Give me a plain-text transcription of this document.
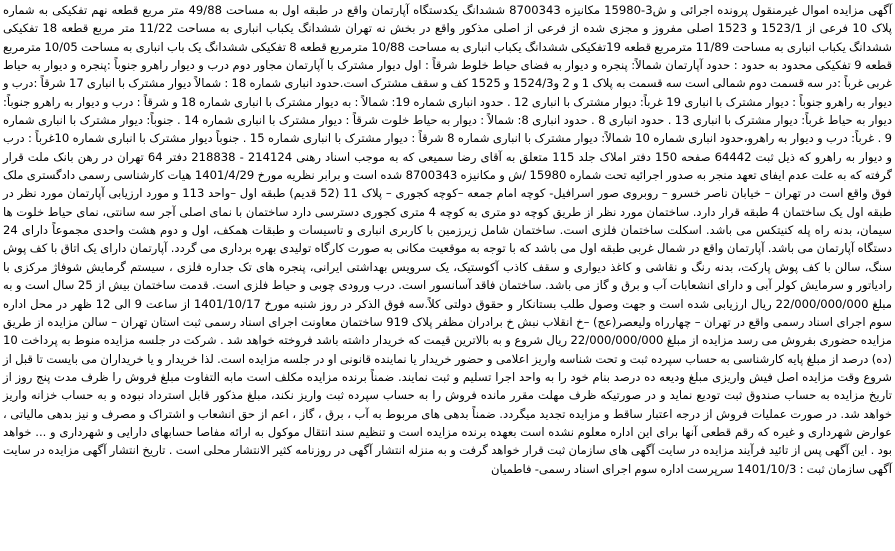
آگهی مزایده اموال غیرمنقول پرونده اجرائی و ش3-15980 مکانیزه 8700343 ششدانگ یکدستگاه آپارتمان واقع در طبقه اول به مساحت 49/88 متر مربع قطعه نهم تفکیکی به شماره پلاک 10 فرعی از 1523/1 و 1523 اصلی مفروز و مجزی شده از فرعی از اصلی مذکور واقع در بخش نه تهران ششدانگ یکباب انباری به مساحت 11/22 متر مربع قطعه 18 تفکیکی ششدانگ یکباب انباری به مساحت 11/89 مترمربع قطعه 19تفکیکی ششدانگ یکباب انباری به مساحت 10/88 مترمربع قطعه 8 تفکیکی ششدانگ یک باب انباری به مساحت 10/05 مترمربع قطعه 9 تفکیکی محدود به حدود : حدود آپارتمان شمالاً: پنجره و دیوار به فضای حیاط خلوط شرقاً : اول دیوار مشترک با آپارتمان مجاور دوم درب و دیوار راهرو جنوباً :پنجره و دیوار به حیاط غربی غرباً :در سه قسمت دوم شمالی است سه قسمت به پلاک 1 و 2 و1524/3 و 1525 کف و سقف مشترک است.حدود انباری شماره 18 : شمالاً دیوار مشترک با انباری 17 شرقاً :درب و دیوار به راهرو جنوباً : دیوار مشترک با انباری 19 غرباً: دیوار مشترک با انباری 12 . حدود انباری شماره 19: شمالاً : به دیوار مشترک با انباری شماره 18 و شرقاً : درب و دیوار به راهرو جنوباً: دیوار به حیاط غرباً: دیوار مشترک با انباری 13 . حدود انباری 8 . حدود انباری 8: شمالاً : دیوار به حیاط خلوت شرقاً : دیوار مشترک با انباری شماره 14 . جنوباً: دیوار مشترک با انباری شماره 9 . غرباً: درب و دیوار به راهرو،حدود انباری شماره 10 شمالاً: دیوار مشترک با انباری شماره 8 شرقاً : دیوار مشترک با انباری شماره 15 . جنوباً دیوار مشترک با انباری شماره 10غرباً : درب و دیوار به راهرو که ذیل ثبت 64442 صفحه 150 دفتر املاک جلد 115 متعلق به آقای رضا سمیعی که به موجب اسناد رهنی 214124 - 218838 دفتر 64 تهران در رهن بانک ملت قرار گرفته که به علت عدم ایفای تعهد منجر به صدور اجرائیه تحت شماره 15980 /ش و مکانیزه 8700343 شده است و برابر نظریه مورخ 1401/4/29 هیات کارشناسی رسمی دادگستری ملک فوق واقع است در تهران – خیابان ناصر خسرو – روبروی صور اسرافیل- کوچه امام جمعه –کوچه کجوری – پلاک 11 (52 قدیم) طبقه اول –واحد 113 و مورد ارزیابی آپارتمان مورد نظر در طبقه اول یک ساختمان 4 طبقه قرار دارد. ساختمان مورد نظر از طریق کوچه دو متری به کوچه 4 متری کجوری دسترسی دارد ساختمان با نمای اصلی آجر سه سانتی، نمای حیاط خلوت ها سیمان، بدنه راه پله کنیتکس می باشد. اسکلت ساختمان فلزی است. ساختمان شامل زیرزمین با کاربری انباری و تاسیسات و طبقات همکف، اول و دوم هشت واحدی مجموعاً دارای 24 دستگاه آپارتمان می باشد. آپارتمان واقع در شمال غربی طبقه اول می باشد که با توجه به موقعیت مکانی به صورت کارگاه تولیدی بهره برداری می گردد. آپارتمان دارای یک اتاق با کف پوش سنگ، سالن با کف پوش پارکت، بدنه رنگ و نقاشی و کاغذ دیواری و سقف کاذب آکوستیک، یک سرویس بهداشتی ایرانی، پنجره های تک جداره فلزی ، سیستم گرمایش شوفاژ مرکزی با رادیاتور و سرمایش کولر آبی و دارای انشعابات آب و برق و گاز می باشد. ساختمان فاقد آسانسور است. درب ورودی چوبی و حیاط فلزی است. قدمت ساختمان بیش از 25 سال است و به مبلغ 22/000/000/000 ریال ارزیابی شده است و جهت وصول طلب بستانکار و حقوق دولتی کلاً.سه فوق الذکر در روز شنبه مورخ 1401/10/17 از ساعت 9 الی 12 ظهر در محل اداره سوم اجرای اسناد رسمی واقع در تهران – چهارراه ولیعصر(عج) –خ انقلاب نبش خ برادران مظفر پلاک 919 ساختمان معاونت اجرای اسناد رسمی ثبت استان تهران – سالن مزایده از طریق مزایده حضوری بفروش می رسد مزایده از مبلغ 22/000/000/000 ریال شروع و به بالاترین قیمت که خریدار داشته باشد فروخته خواهد شد . شرکت در جلسه مزایده منوط به پرداخت 10 (ده) درصد از مبلغ پایه کارشناسی به حساب سپرده ثبت و تحت شناسه واریز اعلامی و حضور خریدار یا نماینده قانونی او در جلسه مزایده است. لذا خریدار و یا خریداران می بایست تا قبل از شروع وقت مزایده اصل فیش واریزی مبلغ ودیعه ده درصد بنام خود را به واحد اجرا تسلیم و ثبت نمایند. ضمناً برنده مزایده مکلف است مابه التفاوت مبلغ فروش را ظرف مدت پنج روز از تاریخ مزایده به حساب صندوق ثبت تودیع نماید و در صورتیکه ظرف مهلت مقرر مانده فروش را به حساب سپرده ثبت واریز نکند، مبلغ مذکور قابل استرداد نبوده و به حساب خزانه واریز خواهد شد. در صورت عملیات فروش از درجه اعتبار ساقط و مزایده تجدید میگردد. ضمناً بدهی های مربوط به آب ، برق ، گاز ، اعم از حق انشعاب و اشتراک و مصرف و نیز بدهی مالیاتی ، عوارض شهرداری و غیره که رقم قطعی آنها برای این اداره معلوم نشده است بعهده برنده مزایده است و تنظیم سند انتقال موکول به ارائه مفاصا حسابهای دارایی و شهرداری و ... خواهد بود . این آگهی پس از تائید فرآیند مزایده در سایت آگهی های سازمان ثبت قرار خواهد گرفت و به منزله انتشار آگهی در روزنامه کثیر الانتشار محلی است . تاریخ انتشار آگهی مزایده در سایت آگهی سازمان ثبت : 1401/10/3 سرپرست اداره سوم اجرای اسناد رسمی- فاطمیان
